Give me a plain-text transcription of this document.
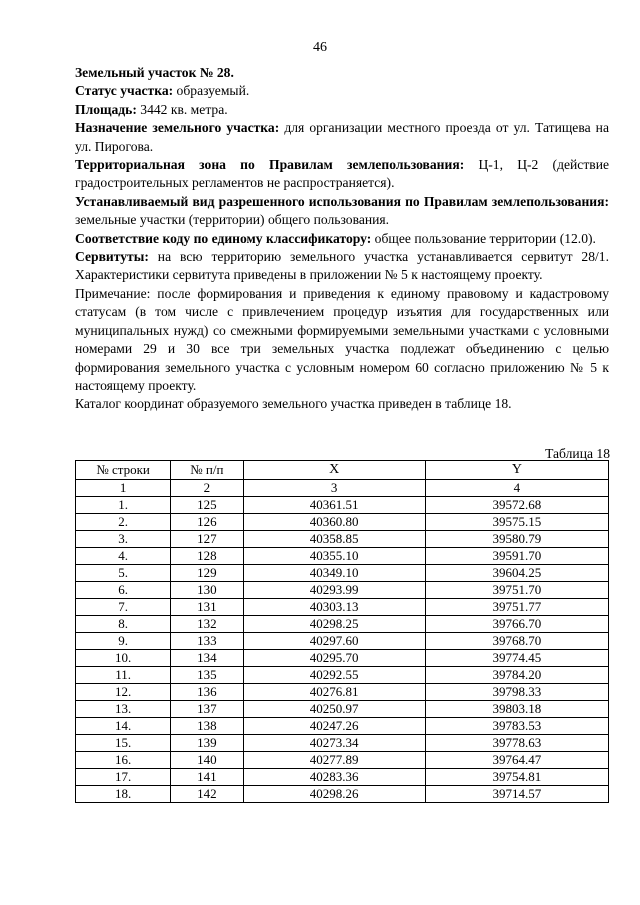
46

Земельный участок № 28.

Статус участка: образуемый.

Площадь: 3442 кв. метра.

Назначение земельного участка: для организации местного проезда от ул. Татищева на ул. Пирогова.

Территориальная зона по Правилам землепользования: Ц-1, Ц-2 (действие градостроительных регламентов не распространяется).

Устанавливаемый вид разрешенного использования по Правилам землепользования: земельные участки (территории) общего пользования.

Соответствие коду по единому классификатору: общее пользование территории (12.0).

Сервитуты: на всю территорию земельного участка устанавливается сервитут 28/1. Характеристики сервитута приведены в приложении № 5 к настоящему проекту.

Примечание: после формирования и приведения к единому правовому и кадастровому статусам (в том числе с привлечением процедур изъятия для государственных или муниципальных нужд) со смежными формируемыми земельными участками с условными номерами 29 и 30 все три земельных участка подлежат объединению с целью формирования земельного участка с условным номером 60 согласно приложению № 5 к настоящему проекту.

Каталог координат образуемого земельного участка приведен в таблице 18.

Таблица 18
№ строки	№ п/п	X	Y
1	2	3	4
1.	125	40361.51	39572.68
2.	126	40360.80	39575.15
3.	127	40358.85	39580.79
4.	128	40355.10	39591.70
5.	129	40349.10	39604.25
6.	130	40293.99	39751.70
7.	131	40303.13	39751.77
8.	132	40298.25	39766.70
9.	133	40297.60	39768.70
10.	134	40295.70	39774.45
11.	135	40292.55	39784.20
12.	136	40276.81	39798.33
13.	137	40250.97	39803.18
14.	138	40247.26	39783.53
15.	139	40273.34	39778.63
16.	140	40277.89	39764.47
17.	141	40283.36	39754.81
18.	142	40298.26	39714.57
